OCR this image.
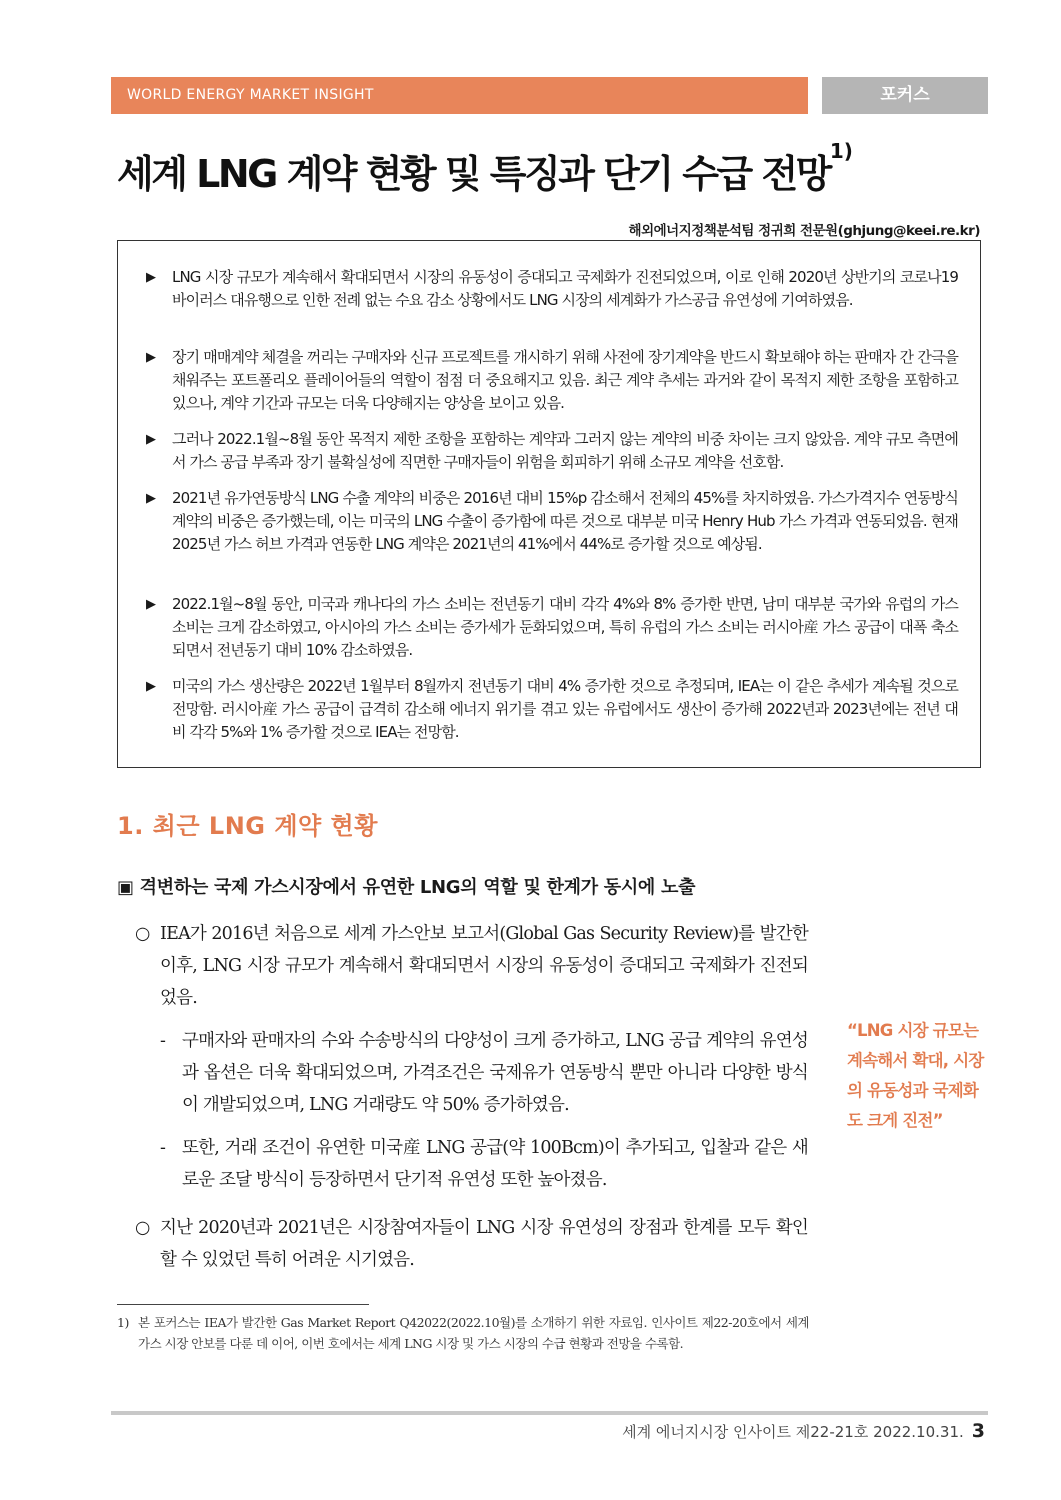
WORLD ENERGY MARKET INSIGHT	포커스
세계 LNG 계약 현황 및 특징과 단기 수급 전망$^{1)}$
해외에너지정책분석팀 정귀희 전문원(ghjung@keei.re.kr)
▶ LNG 시장 규모가 계속해서 확대되면서 시장의 유동성이 증대되고 국제화가 진전되었으며, 이로 인해 2020년 상반기의 코로나19 바이러스 대유행으로 인한 전례 없는 수요 감소 상황에서도 LNG 시장의 세계화가 가스공급 유연성에 기여하였음.
▶ 장기 매매계약 체결을 꺼리는 구매자와 신규 프로젝트를 개시하기 위해 사전에 장기계약을 반드시 확보해야 하는 판매자 간 간극을 채워주는 포트폴리오 플레이어들의 역할이 점점 더 중요해지고 있음. 최근 계약 추세는 과거와 같이 목적지 제한 조항을 포함하고 있으나, 계약 기간과 규모는 더욱 다양해지는 양상을 보이고 있음.
▶ 그러나 2022.1월~8월 동안 목적지 제한 조항을 포함하는 계약과 그러지 않는 계약의 비중 차이는 크지 않았음. 계약 규모 측면에서 가스 공급 부족과 장기 불확실성에 직면한 구매자들이 위험을 회피하기 위해 소규모 계약을 선호함.
▶ 2021년 유가연동방식 LNG 수출 계약의 비중은 2016년 대비 15%p 감소해서 전체의 45%를 차지하였음. 가스가격지수 연동방식 계약의 비중은 증가했는데, 이는 미국의 LNG 수출이 증가함에 따른 것으로 대부분 미국 Henry Hub 가스 가격과 연동되었음. 현재 2025년 가스 허브 가격과 연동한 LNG 계약은 2021년의 41%에서 44%로 증가할 것으로 예상됨.
▶ 2022.1월~8월 동안, 미국과 캐나다의 가스 소비는 전년동기 대비 각각 4%와 8% 증가한 반면, 남미 대부분 국가와 유럽의 가스 소비는 크게 감소하였고, 아시아의 가스 소비는 증가세가 둔화되었으며, 특히 유럽의 가스 소비는 러시아産 가스 공급이 대폭 축소되면서 전년동기 대비 10% 감소하였음.
▶ 미국의 가스 생산량은 2022년 1월부터 8월까지 전년동기 대비 4% 증가한 것으로 추정되며, IEA는 이 같은 추세가 계속될 것으로 전망함. 러시아産 가스 공급이 급격히 감소해 에너지 위기를 겪고 있는 유럽에서도 생산이 증가해 2022년과 2023년에는 전년 대비 각각 5%와 1% 증가할 것으로 IEA는 전망함.
1. 최근 LNG 계약 현황
▣ 격변하는 국제 가스시장에서 유연한 LNG의 역할 및 한계가 동시에 노출
○ IEA가 2016년 처음으로 세계 가스안보 보고서(Global Gas Security Review)를 발간한 이후, LNG 시장 규모가 계속해서 확대되면서 시장의 유동성이 증대되고 국제화가 진전되었음.
- 구매자와 판매자의 수와 수송방식의 다양성이 크게 증가하고, LNG 공급 계약의 유연성과 옵션은 더욱 확대되었으며, 가격조건은 국제유가 연동방식 뿐만 아니라 다양한 방식이 개발되었으며, LNG 거래량도 약 50% 증가하였음.
- 또한, 거래 조건이 유연한 미국産 LNG 공급(약 100Bcm)이 추가되고, 입찰과 같은 새로운 조달 방식이 등장하면서 단기적 유연성 또한 높아졌음.
○ 지난 2020년과 2021년은 시장참여자들이 LNG 시장 유연성의 장점과 한계를 모두 확인할 수 있었던 특히 어려운 시기였음.
“LNG 시장 규모는 계속해서 확대, 시장의 유동성과 국제화도 크게 진전”
1) 본 포커스는 IEA가 발간한 Gas Market Report Q42022(2022.10월)를 소개하기 위한 자료임. 인사이트 제22-20호에서 세계 가스 시장 안보를 다룬 데 이어, 이번 호에서는 세계 LNG 시장 및 가스 시장의 수급 현황과 전망을 수록함.
세계 에너지시장 인사이트 제22-21호 2022.10.31. 3
